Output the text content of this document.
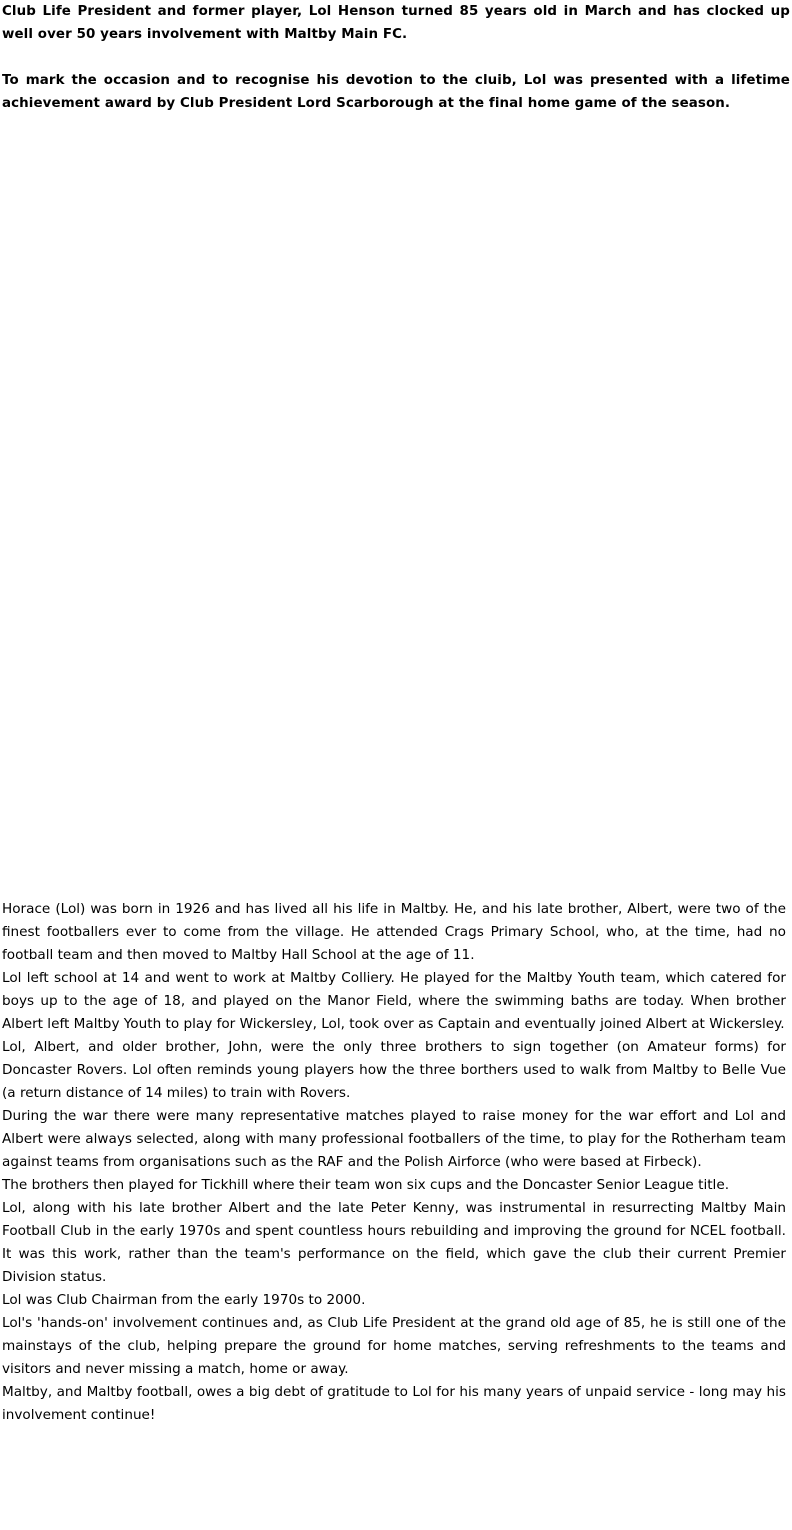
Club Life President and former player, Lol Henson turned 85 years old in March and has clocked up well over 50 years involvement with Maltby Main FC.

To mark the occasion and to recognise his devotion to the cluib, Lol was presented with a lifetime achievement award by Club President Lord Scarborough at the final home game of the season.

Horace (Lol) was born in 1926 and has lived all his life in Maltby. He, and his late brother, Albert, were two of the finest footballers ever to come from the village. He attended Crags Primary School, who, at the time, had no football team and then moved to Maltby Hall School at the age of 11.

Lol left school at 14 and went to work at Maltby Colliery. He played for the Maltby Youth team, which catered for boys up to the age of 18, and played on the Manor Field, where the swimming baths are today. When brother Albert left Maltby Youth to play for Wickersley, Lol, took over as Captain and eventually joined Albert at Wickersley.

Lol, Albert, and older brother, John, were the only three brothers to sign together (on Amateur forms) for Doncaster Rovers. Lol often reminds young players how the three borthers used to walk from Maltby to Belle Vue (a return distance of 14 miles) to train with Rovers.

During the war there were many representative matches played to raise money for the war effort and Lol and Albert were always selected, along with many professional footballers of the time, to play for the Rotherham team against teams from organisations such as the RAF and the Polish Airforce (who were based at Firbeck).

The brothers then played for Tickhill where their team won six cups and the Doncaster Senior League title.

Lol, along with his late brother Albert and the late Peter Kenny, was instrumental in resurrecting Maltby Main Football Club in the early 1970s and spent countless hours rebuilding and improving the ground for NCEL football. It was this work, rather than the team's performance on the field, which gave the club their current Premier Division status.

Lol was Club Chairman from the early 1970s to 2000.

Lol's 'hands-on' involvement continues and, as Club Life President at the grand old age of 85, he is still one of the mainstays of the club, helping prepare the ground for home matches, serving refreshments to the teams and visitors and never missing a match, home or away.

Maltby, and Maltby football, owes a big debt of gratitude to Lol for his many years of unpaid service - long may his involvement continue!
